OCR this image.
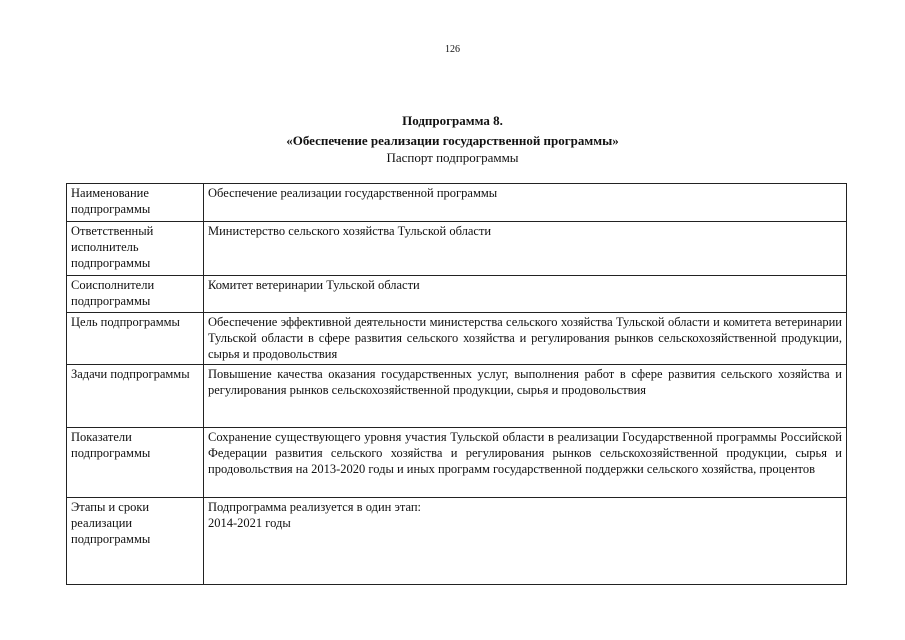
126
Подпрограмма 8.
«Обеспечение реализации государственной программы»
Паспорт подпрограммы
Наименование подпрограммы	Обеспечение реализации государственной программы
Ответственный исполнитель подпрограммы	Министерство сельского хозяйства Тульской области
Соисполнители подпрограммы	Комитет ветеринарии Тульской области
Цель подпрограммы	Обеспечение эффективной деятельности министерства сельского хозяйства Тульской области и комитета ветеринарии Тульской области в сфере развития сельского хозяйства и регулирования рынков сельскохозяйственной продукции, сырья и продовольствия
Задачи подпрограммы	Повышение качества оказания государственных услуг, выполнения работ в сфере развития сельского хозяйства и регулирования рынков сельскохозяйственной продукции, сырья и продовольствия
Показатели подпрограммы	Сохранение существующего уровня участия Тульской области в реализации Государственной программы Российской Федерации развития сельского хозяйства и регулирования рынков сельскохозяйственной продукции, сырья и продовольствия на 2013-2020 годы и иных программ государственной поддержки сельского хозяйства, процентов
Этапы и сроки реализации подпрограммы	Подпрограмма реализуется в один этап:
2014-2021 годы
